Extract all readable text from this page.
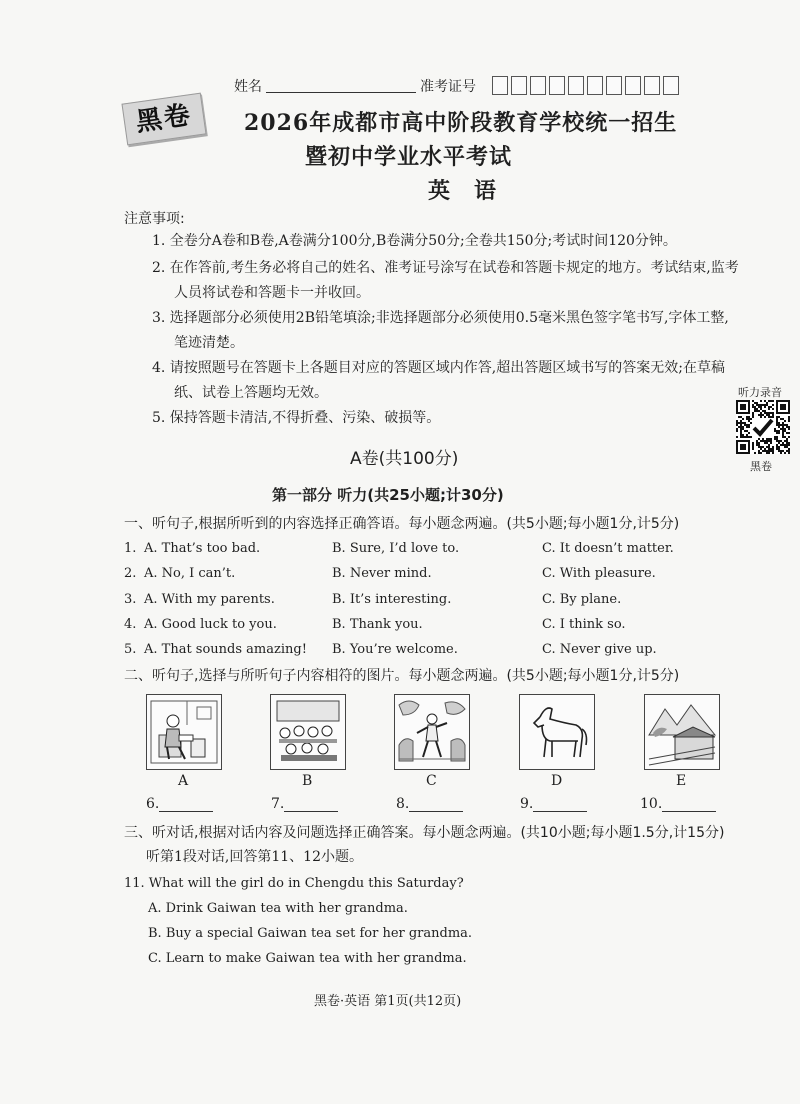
姓名	准考证号
黑卷	2026年成都市高中阶段教育学校统一招生
暨初中学业水平考试
英语
注意事项:
1. 全卷分A卷和B卷,A卷满分100分,B卷满分50分;全卷共150分;考试时间120分钟。
2. 在作答前,考生务必将自己的姓名、准考证号涂写在试卷和答题卡规定的地方。考试结束,监考
人员将试卷和答题卡一并收回。
3. 选择题部分必须使用2B铅笔填涂;非选择题部分必须使用0.5毫米黑色签字笔书写,字体工整,
笔迹清楚。
4. 请按照题号在答题卡上各题目对应的答题区域内作答,超出答题区域书写的答案无效;在草稿
纸、试卷上答题均无效。
5. 保持答题卡清洁,不得折叠、污染、破损等。
听力录音
黑卷
A卷(共100分)
第一部分 听力(共25小题;计30分)
一、听句子,根据所听到的内容选择正确答语。每小题念两遍。(共5小题;每小题1分,计5分)
1. A. That’s too bad.	B. Sure, I’d love to.	C. It doesn’t matter.
2. A. No, I can’t.	B. Never mind.	C. With pleasure.
3. A. With my parents.	B. It’s interesting.	C. By plane.
4. A. Good luck to you.	B. Thank you.	C. I think so.
5. A. That sounds amazing! B. You’re welcome.	C. Never give up.
二、听句子,选择与所听句子内容相符的图片。每小题念两遍。(共5小题;每小题1分,计5分)
A	B	C	D	E
6.	7.	8.	9.	10.
三、听对话,根据对话内容及问题选择正确答案。每小题念两遍。(共10小题;每小题1.5分,计15分)
听第1段对话,回答第11、12小题。
11. What will the girl do in Chengdu this Saturday?
A. Drink Gaiwan tea with her grandma.
B. Buy a special Gaiwan tea set for her grandma.
C. Learn to make Gaiwan tea with her grandma.
黑卷·英语 第1页(共12页)
